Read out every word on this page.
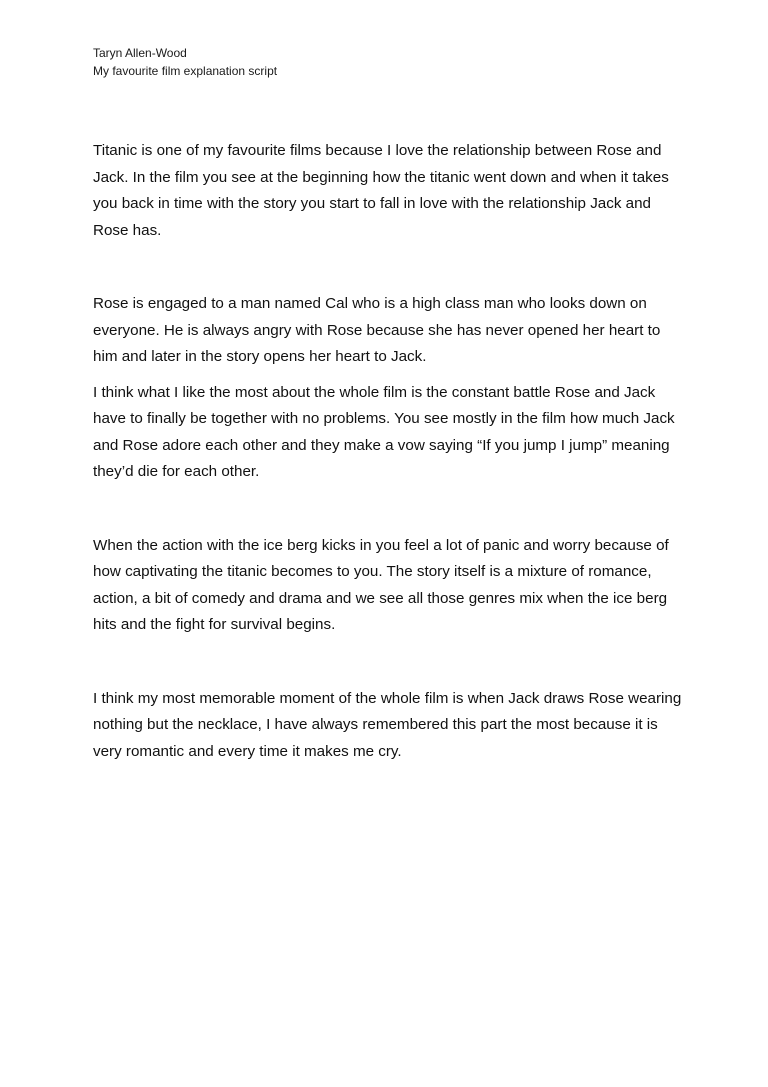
Taryn Allen-Wood
My favourite film explanation script

Titanic is one of my favourite films because I love the relationship between Rose and Jack. In the film you see at the beginning how the titanic went down and when it takes you back in time with the story you start to fall in love with the relationship Jack and Rose has.

Rose is engaged to a man named Cal who is a high class man who looks down on everyone. He is always angry with Rose because she has never opened her heart to him and later in the story opens her heart to Jack.

I think what I like the most about the whole film is the constant battle Rose and Jack have to finally be together with no problems. You see mostly in the film how much Jack and Rose adore each other and they make a vow saying “If you jump I jump” meaning they’d die for each other.

When the action with the ice berg kicks in you feel a lot of panic and worry because of how captivating the titanic becomes to you. The story itself is a mixture of romance, action, a bit of comedy and drama and we see all those genres mix when the ice berg hits and the fight for survival begins.

I think my most memorable moment of the whole film is when Jack draws Rose wearing nothing but the necklace, I have always remembered this part the most because it is very romantic and every time it makes me cry.
